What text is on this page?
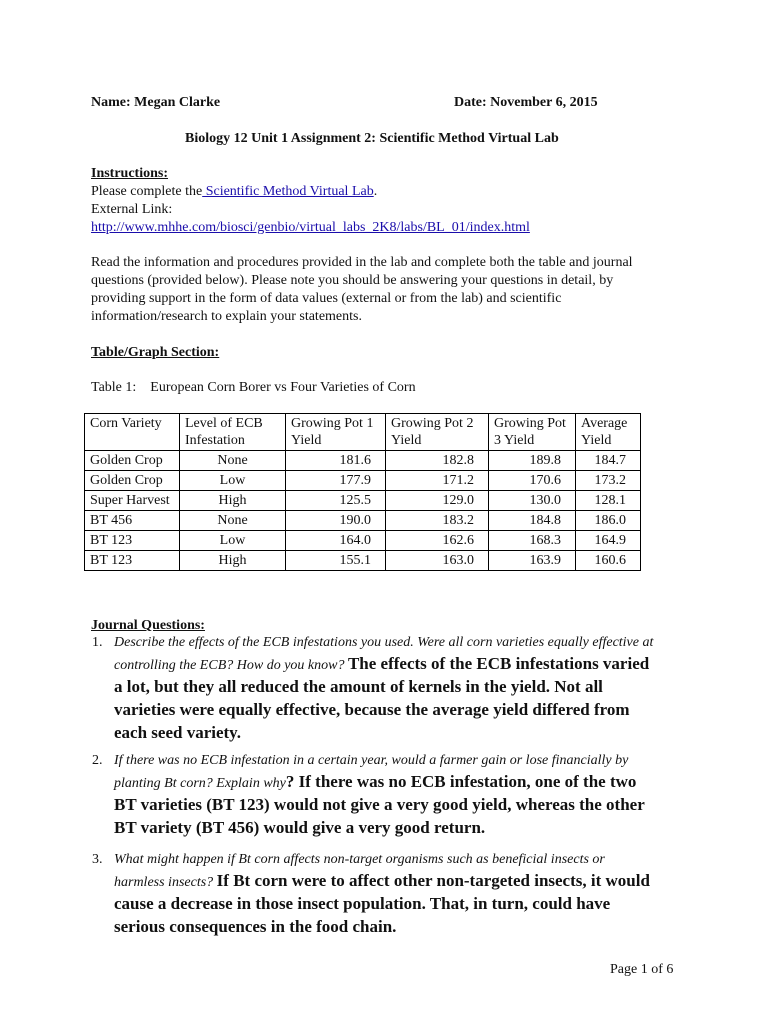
Name: Megan Clarke	Date: November 6, 2015
Biology 12 Unit 1 Assignment 2: Scientific Method Virtual Lab
Instructions:
Please complete the Scientific Method Virtual Lab.
External Link:
http://www.mhhe.com/biosci/genbio/virtual_labs_2K8/labs/BL_01/index.html
Read the information and procedures provided in the lab and complete both the table and journal
questions (provided below). Please note you should be answering your questions in detail, by
providing support in the form of data values (external or from the lab) and scientific
information/research to explain your statements.
Table/Graph Section:
Table 1:    European Corn Borer vs Four Varieties of Corn
Corn Variety	Level of ECB Infestation	Growing Pot 1 Yield	Growing Pot 2 Yield	Growing Pot 3 Yield	Average Yield
Golden Crop	None	181.6	182.8	189.8	184.7
Golden Crop	Low	177.9	171.2	170.6	173.2
Super Harvest	High	125.5	129.0	130.0	128.1
BT 456	None	190.0	183.2	184.8	186.0
BT 123	Low	164.0	162.6	168.3	164.9
BT 123	High	155.1	163.0	163.9	160.6
Journal Questions:
1. Describe the effects of the ECB infestations you used. Were all corn varieties equally effective at controlling the ECB? How do you know? The effects of the ECB infestations varied a lot, but they all reduced the amount of kernels in the yield. Not all varieties were equally effective, because the average yield differed from each seed variety.
2. If there was no ECB infestation in a certain year, would a farmer gain or lose financially by planting Bt corn? Explain why? If there was no ECB infestation, one of the two BT varieties (BT 123) would not give a very good yield, whereas the other BT variety (BT 456) would give a very good return.
3. What might happen if Bt corn affects non-target organisms such as beneficial insects or harmless insects? If Bt corn were to affect other non-targeted insects, it would cause a decrease in those insect population. That, in turn, could have serious consequences in the food chain.
Page 1 of 6
